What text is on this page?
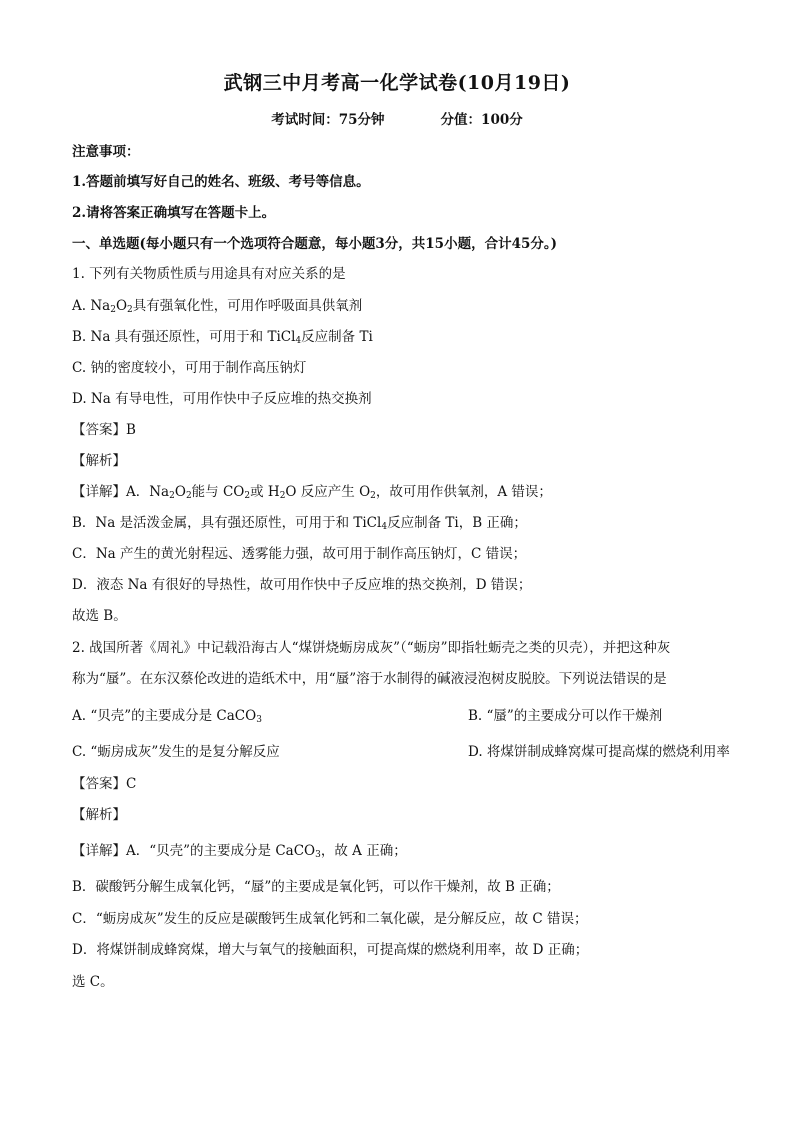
武钢三中月考高一化学试卷(10月19日)
考试时间：75分钟	分值：100分
注意事项：
1.答题前填写好自己的姓名、班级、考号等信息。
2.请将答案正确填写在答题卡上。
一、单选题(每小题只有一个选项符合题意，每小题3分，共15小题，合计45分。)
1. 下列有关物质性质与用途具有对应关系的是
A. $Na_2O_2$具有强氧化性，可用作呼吸面具供氧剂
B. Na 具有强还原性，可用于和 TiCl$_4$反应制备 Ti
C. 钠的密度较小，可用于制作高压钠灯
D. Na 有导电性，可用作快中子反应堆的热交换剂
【答案】B
【解析】
【详解】A．$Na_2O_2$能与 $CO_2$或 $H_2O$ 反应产生 $O_2$，故可用作供氧剂，A 错误；
B．Na 是活泼金属，具有强还原性，可用于和 TiCl$_4$反应制备 Ti，B 正确；
C．Na 产生的黄光射程远、透雾能力强，故可用于制作高压钠灯，C 错误；
D．液态 Na 有很好的导热性，故可用作快中子反应堆的热交换剂，D 错误；
故选 B。
2. 战国所著《周礼》中记载沿海古人“煤饼烧蛎房成灰”（“蛎房”即指牡蛎壳之类的贝壳），并把这种灰
称为“蜃”。在东汉蔡伦改进的造纸术中，用“蜃”溶于水制得的碱液浸泡树皮脱胶。下列说法错误的是
A. “贝壳”的主要成分是 CaCO$_3$	B. “蜃”的主要成分可以作干燥剂
C. “蛎房成灰”发生的是复分解反应	D. 将煤饼制成蜂窝煤可提高煤的燃烧利用率
【答案】C
【解析】
【详解】A．“贝壳”的主要成分是 CaCO$_3$，故 A 正确；
B．碳酸钙分解生成氧化钙，“蜃”的主要成是氧化钙，可以作干燥剂，故 B 正确；
C．“蛎房成灰”发生的反应是碳酸钙生成氧化钙和二氧化碳，是分解反应，故 C 错误；
D．将煤饼制成蜂窝煤，增大与氧气的接触面积，可提高煤的燃烧利用率，故 D 正确；
选 C。
